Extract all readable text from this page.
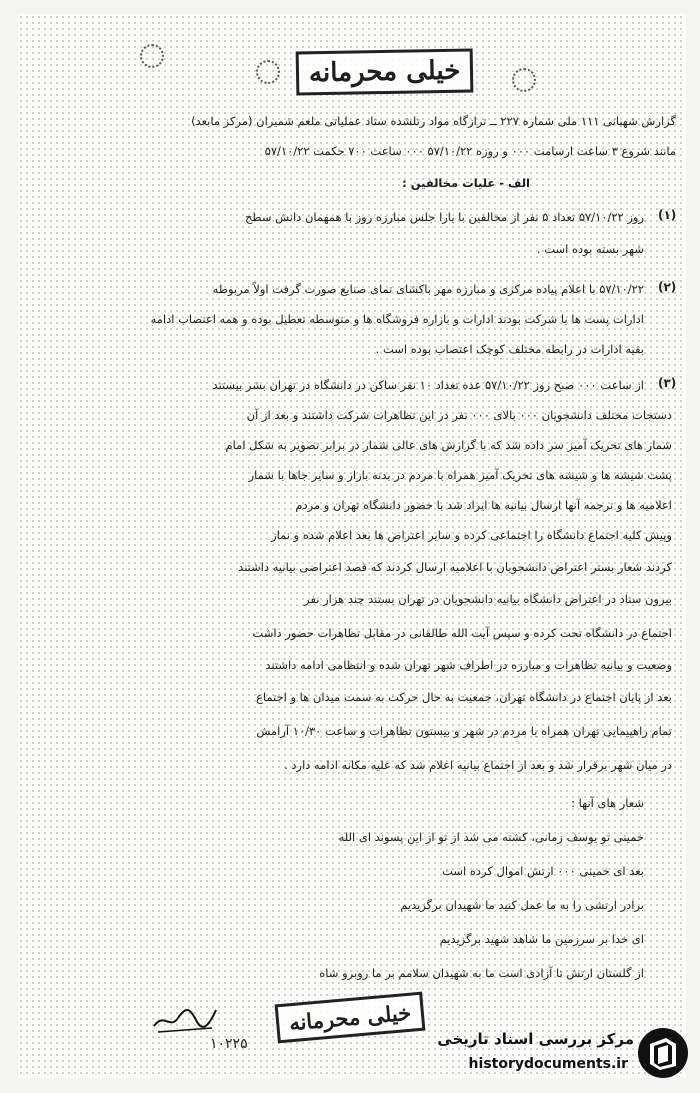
خیلی محرمانه
گزارش شهبانی ۱۱۱ ملی شماره ۲۲۷ ــ ترازگاه مواد رتلشده ستاد عملیاتی ملعم شمیران (مرکز مابعد)
مانند شروع ۳ ساعت ارسامت ۰۰۰ و روزه ۵۷/۱۰/۲۲ ۰۰۰ ساعت ۷۰۰ حکمت ۵۷/۱۰/۲۲
الف - علیات مخالفین :
(۱)
روز ۵۷/۱۰/۲۲ تعداد ۵ نفر از مخالفین با یارا جلس مبارزه روز با همهمان دانش سطح
شهر بسته بوده است .
(۲)
۵۷/۱۰/۲۲ با اعلام پیاده مرکزی و مبارزه مهر باکشای تمای صنایع صورت گرفت اولاً مربوطه
ادارات پست ها با شرکت بودند ادارات و بازاره فروشگاه ها و متوسطه تعطیل بوده و همه اعتصاب ادامه
بقیه ادارات در رابطه مختلف کوچک اعتصاب بوده است .
(۳)
از ساعت ۰۰۰ صبح روز ۵۷/۱۰/۲۲ عده تعداد ۱۰ نفر ساکن در دانشگاه در تهران بشر بیستند
دستجات مختلف دانشجویان ۰۰۰ بالای ۰۰۰ نفر در این تظاهرات شرکت داشتند و بعد از آن
شمار های تحریک آمیز سر داده شد که با گزارش های عالی شمار در برابر تصویر به شکل امام
پشت شیشه ها و شیشه های تحریک آمیز همراه با مردم در بدنه بازار و سایر جاها با شمار
اعلامیه ها و ترجمه آنها ارسال بیانیه ها ایراد شد با حضور دانشگاه تهران و مردم
وپیش کلیه اجتماع دانشگاه را اجتماعی کرده و سایر اعتراض ها بعد اعلام شده و نماز
کردند شعار بستر اعتراض دانشجویان با اعلامیه ارسال کردند که قصد اعتراضی بیانیه داشتند
بیرون ستاد در اعتراض دانشگاه بیانیه دانشجویان در تهران بستند چند هزار نفر
اجتماع در دانشگاه تحت کرده و سپس آیت الله طالقانی در مقابل تظاهرات حضور داشت
وضعیت و بیانیه تظاهرات و مبارزه در اطراف شهر تهران شده و انتظامی ادامه داشتند
بعد از پایان اجتماع در دانشگاه تهران، جمعیت به حال حرکت به سمت میدان ها و اجتماع
تمام راهپیمایی تهران همراه با مردم در شهر و بیستون تظاهرات و ساعت ۱۰/۳۰ آرامش
در میان شهر برقرار شد و بعد از اجتماع بیانیه اعلام شد که علیه مکانه ادامه دارد .
شعار های آنها :
خمینی تو یوسف زمانی، کشته می شد از تو از این پسوند ای الله
بعد ای خمینی ۰۰۰ ارتش اموال کرده است
برادر ارتشی را به ما عمل کنید ما شهیدان برگزیدیم
ای خدا بر سرزمین ما شاهد شهید برگزیدیم
از گلستان ارتش تا آزادی است ما به شهیدان سلامم بر ما روبرو شاه
۱۰۲۲۵
خیلی محرمانه
مرکز بررسی اسناد تاریخی
historydocuments.ir
